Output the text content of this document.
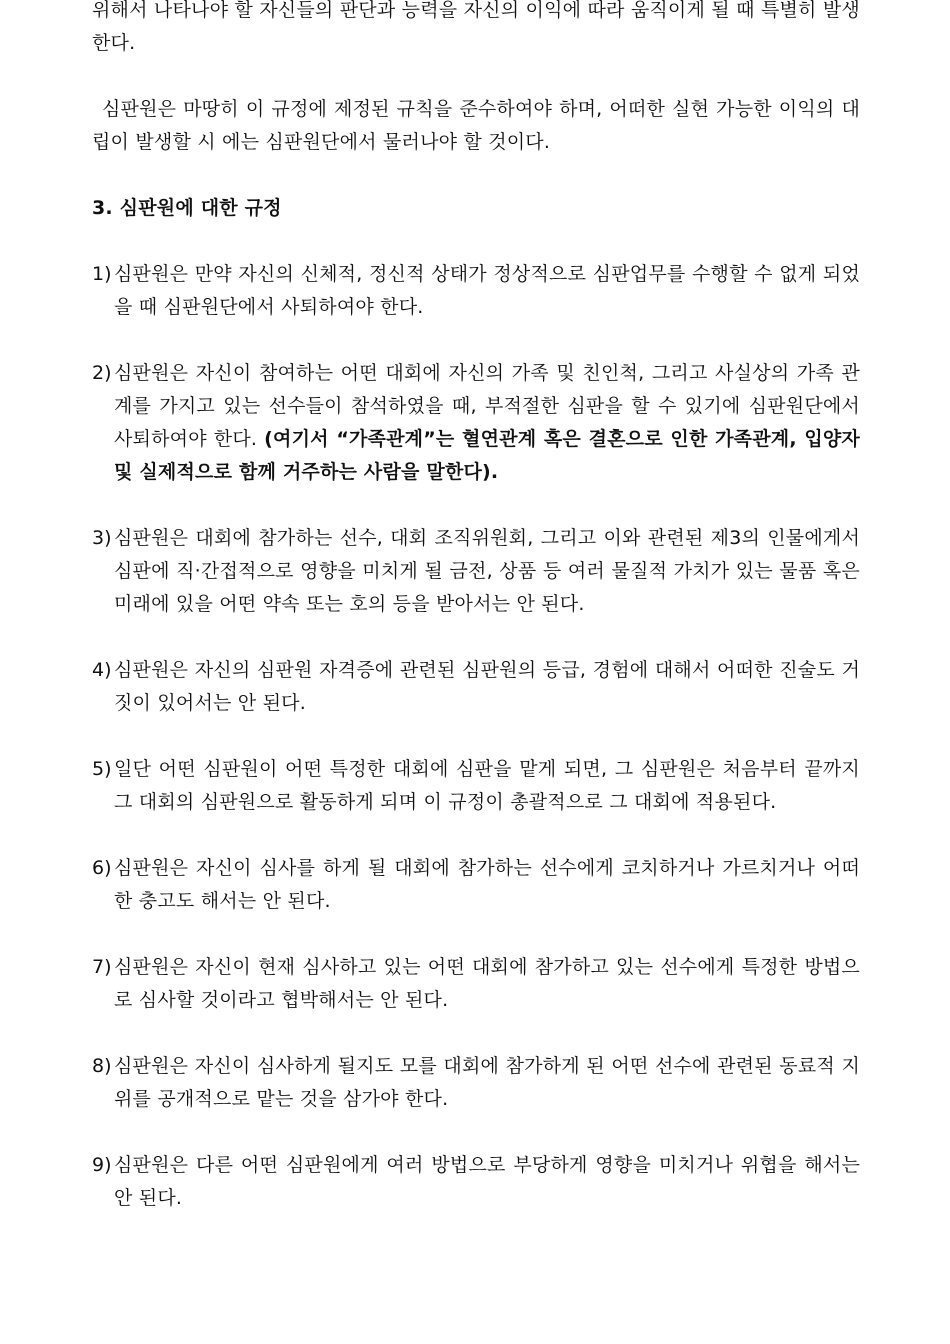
위해서 나타나야 할 자신들의 판단과 능력을 자신의 이익에 따라 움직이게 될 때 특별히 발생한다.

심판원은 마땅히 이 규정에 제정된 규칙을 준수하여야 하며, 어떠한 실현 가능한 이익의 대립이 발생할 시 에는 심판원단에서 물러나야 할 것이다.

3. 심판원에 대한 규정

1) 심판원은 만약 자신의 신체적, 정신적 상태가 정상적으로 심판업무를 수행할 수 없게 되었을 때 심판원단에서 사퇴하여야 한다.

2) 심판원은 자신이 참여하는 어떤 대회에 자신의 가족 및 친인척, 그리고 사실상의 가족 관계를 가지고 있는 선수들이 참석하였을 때, 부적절한 심판을 할 수 있기에 심판원단에서 사퇴하여야 한다. (여기서 “가족관계”는 혈연관계 혹은 결혼으로 인한 가족관계, 입양자 및 실제적으로 함께 거주하는 사람을 말한다).

3) 심판원은 대회에 참가하는 선수, 대회 조직위원회, 그리고 이와 관련된 제3의 인물에게서 심판에 직·간접적으로 영향을 미치게 될 금전, 상품 등 여러 물질적 가치가 있는 물품 혹은 미래에 있을 어떤 약속 또는 호의 등을 받아서는 안 된다.

4) 심판원은 자신의 심판원 자격증에 관련된 심판원의 등급, 경험에 대해서 어떠한 진술도 거짓이 있어서는 안 된다.

5) 일단 어떤 심판원이 어떤 특정한 대회에 심판을 맡게 되면, 그 심판원은 처음부터 끝까지 그 대회의 심판원으로 활동하게 되며 이 규정이 총괄적으로 그 대회에 적용된다.

6) 심판원은 자신이 심사를 하게 될 대회에 참가하는 선수에게 코치하거나 가르치거나 어떠한 충고도 해서는 안 된다.

7) 심판원은 자신이 현재 심사하고 있는 어떤 대회에 참가하고 있는 선수에게 특정한 방법으로 심사할 것이라고 협박해서는 안 된다.

8) 심판원은 자신이 심사하게 될지도 모를 대회에 참가하게 된 어떤 선수에 관련된 동료적 지위를 공개적으로 맡는 것을 삼가야 한다.

9) 심판원은 다른 어떤 심판원에게 여러 방법으로 부당하게 영향을 미치거나 위협을 해서는 안 된다.
